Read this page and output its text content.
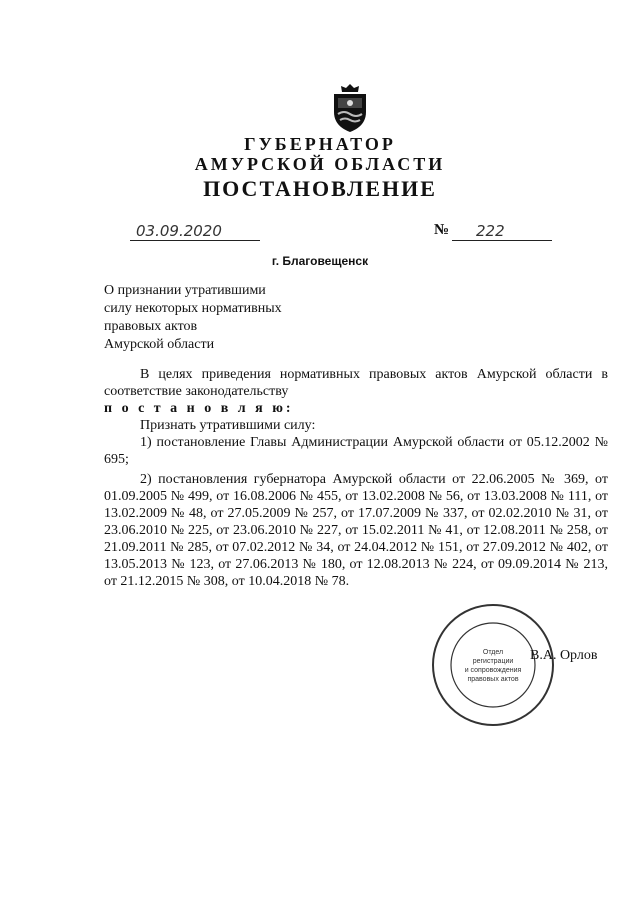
ГУБЕРНАТОР
АМУРСКОЙ ОБЛАСТИ
ПОСТАНОВЛЕНИЕ
03.09.2020	№	222
г. Благовещенск
О признании утратившими
силу некоторых нормативных
правовых актов
Амурской области
В целях приведения нормативных правовых актов Амурской области в соответствие законодательству
п о с т а н о в л я ю:
Признать утратившими силу:
1) постановление Главы Администрации Амурской области от 05.12.2002 № 695;
2) постановления губернатора Амурской области от 22.06.2005 № 369, от 01.09.2005 № 499, от 16.08.2006 № 455, от 13.02.2008 № 56, от 13.03.2008 № 111, от 13.02.2009 № 48, от 27.05.2009 № 257, от 17.07.2009 № 337, от 02.02.2010 № 31, от 23.06.2010 № 225, от 23.06.2010 № 227, от 15.02.2011 № 41, от 12.08.2011 № 258, от 21.09.2011 № 285, от 07.02.2012 № 34, от 24.04.2012 № 151, от 27.09.2012 № 402, от 13.05.2013 № 123, от 27.06.2013 № 180, от 12.08.2013 № 224, от 09.09.2014 № 213, от 21.12.2015 № 308, от 10.04.2018 № 78.
Отдел
регистрации
и сопровождения
правовых актов
В.А. Орлов
